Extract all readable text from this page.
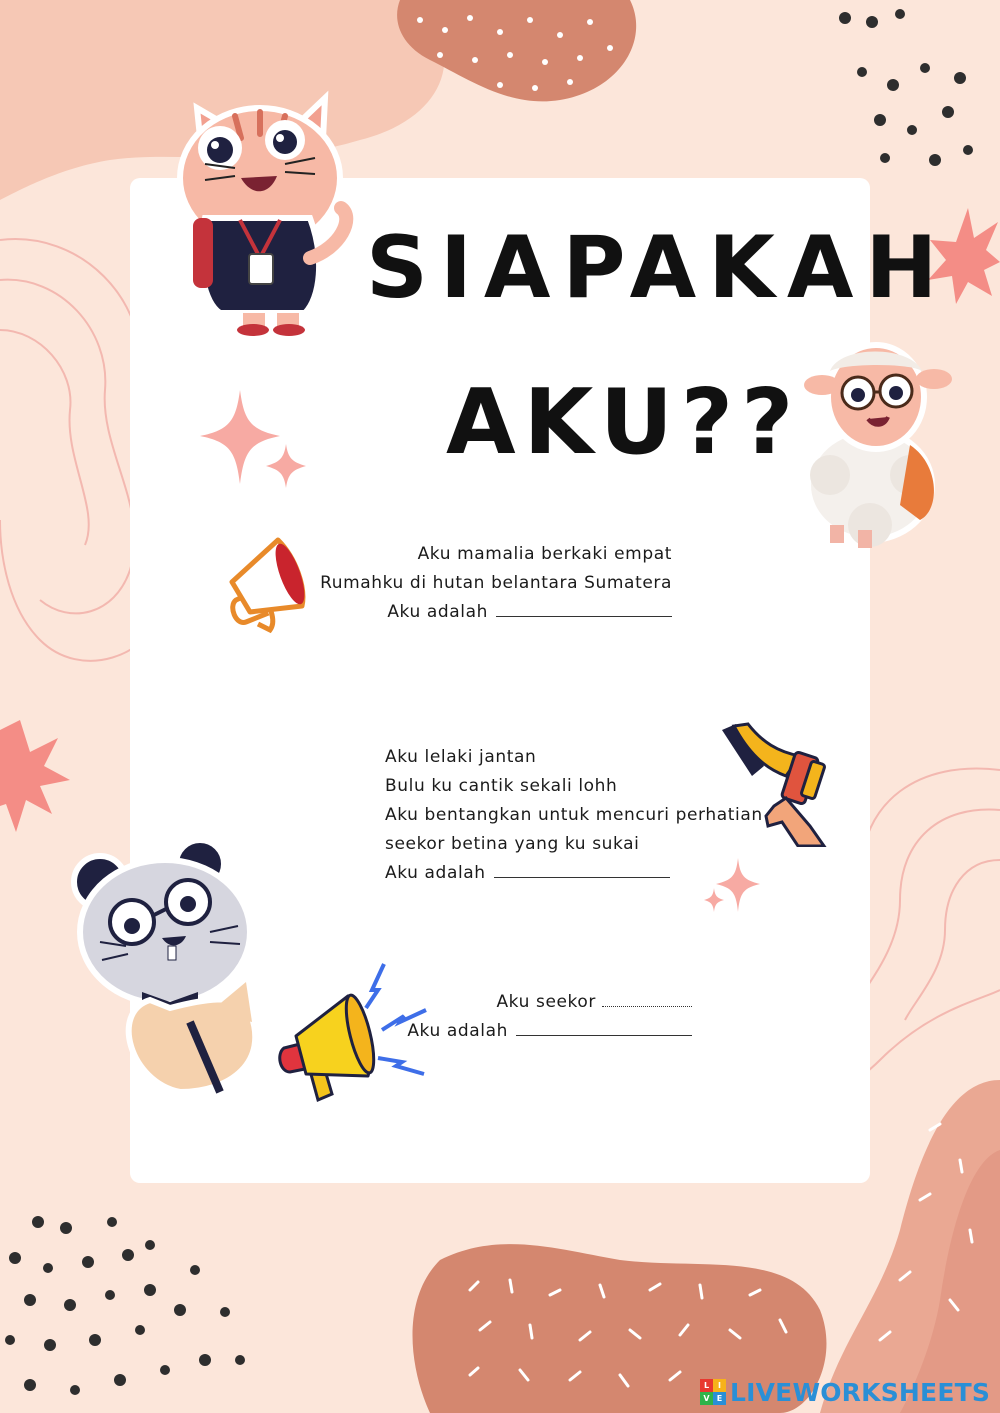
SIAPAKAH
AKU??
Aku mamalia berkaki empat
Rumahku di hutan belantara Sumatera
Aku adalah
Aku lelaki jantan
Bulu ku cantik sekali lohh
Aku bentangkan untuk mencuri perhatian
seekor betina yang ku sukai
Aku adalah
Aku seekor
Aku adalah
L	I
V E LIVEWORKSHEETS
